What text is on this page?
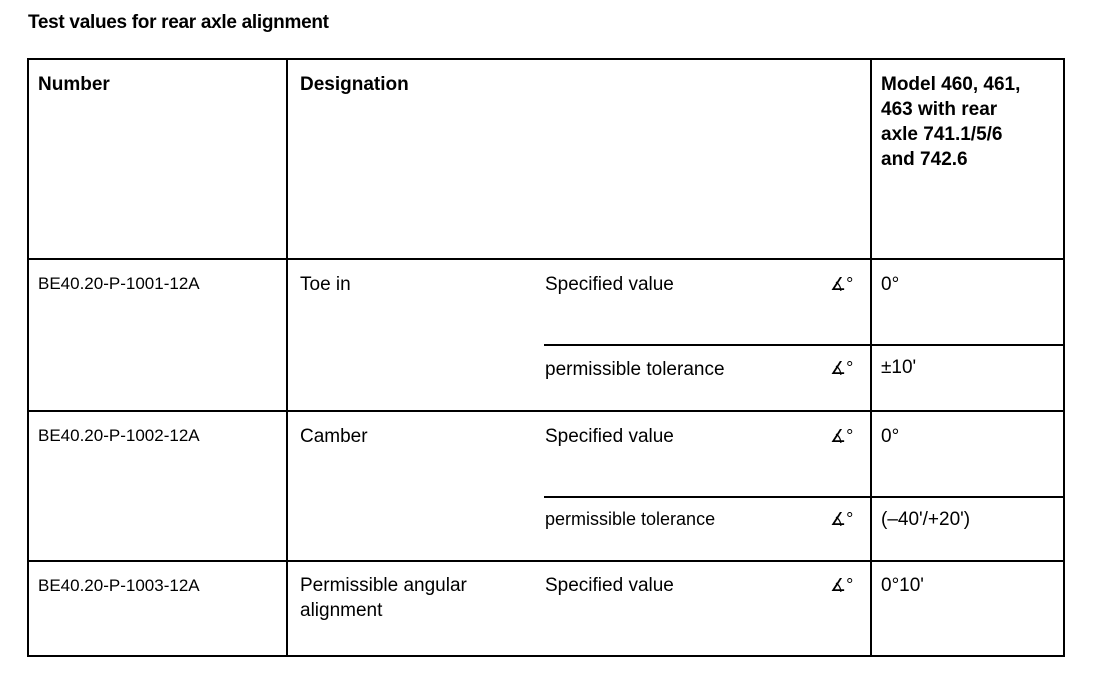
Test values for rear axle alignment
Number	Designation	Model 460, 461,
463 with rear
axle 741.1/5/6
and 742.6
BE40.20-P-1001-12A	Toe in	Specified value	∡° 0°
permissible tolerance	∡° ±10'
BE40.20-P-1002-12A	Camber	Specified value	∡° 0°
permissible tolerance	∡° (–40'/+20')
BE40.20-P-1003-12A	Permissible angular
alignment
Specified value	∡° 0°10'
